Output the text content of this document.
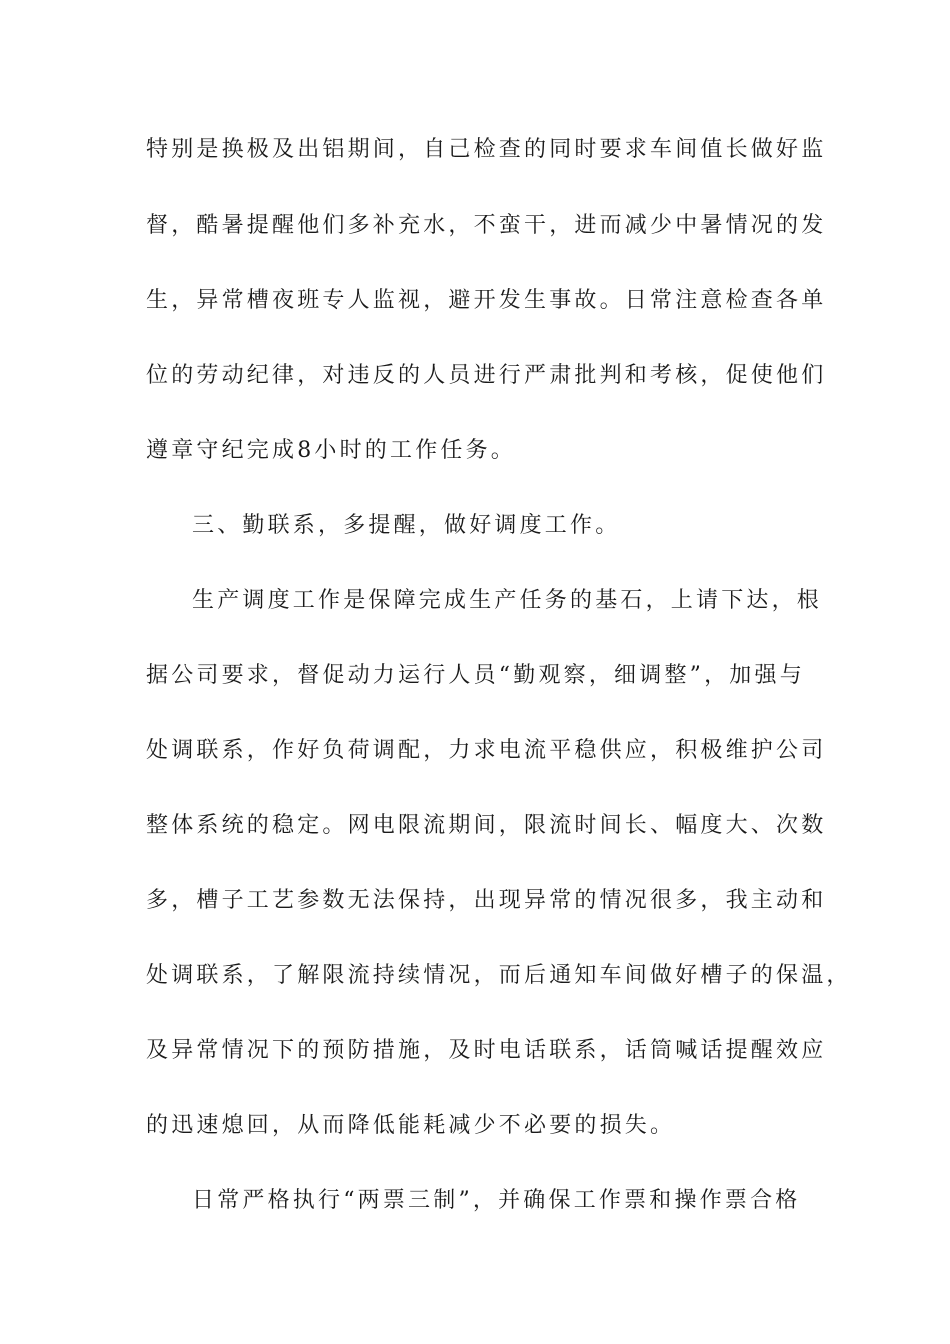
特别是换极及出铝期间，自己检查的同时要求车间值长做好监
督，酷暑提醒他们多补充水，不蛮干，进而减少中暑情况的发
生，异常槽夜班专人监视，避开发生事故。日常注意检查各单
位的劳动纪律，对违反的人员进行严肃批判和考核，促使他们
遵章守纪完成8小时的工作任务。
三、勤联系，多提醒，做好调度工作。
生产调度工作是保障完成生产任务的基石，上请下达，根
据公司要求，督促动力运行人员“勤观察，细调整”，加强与
处调联系，作好负荷调配，力求电流平稳供应，积极维护公司
整体系统的稳定。网电限流期间，限流时间长、幅度大、次数
多，槽子工艺参数无法保持，出现异常的情况很多，我主动和
处调联系，了解限流持续情况，而后通知车间做好槽子的保温，
及异常情况下的预防措施，及时电话联系，话筒喊话提醒效应
的迅速熄回，从而降低能耗减少不必要的损失。
日常严格执行“两票三制”，并确保工作票和操作票合格
